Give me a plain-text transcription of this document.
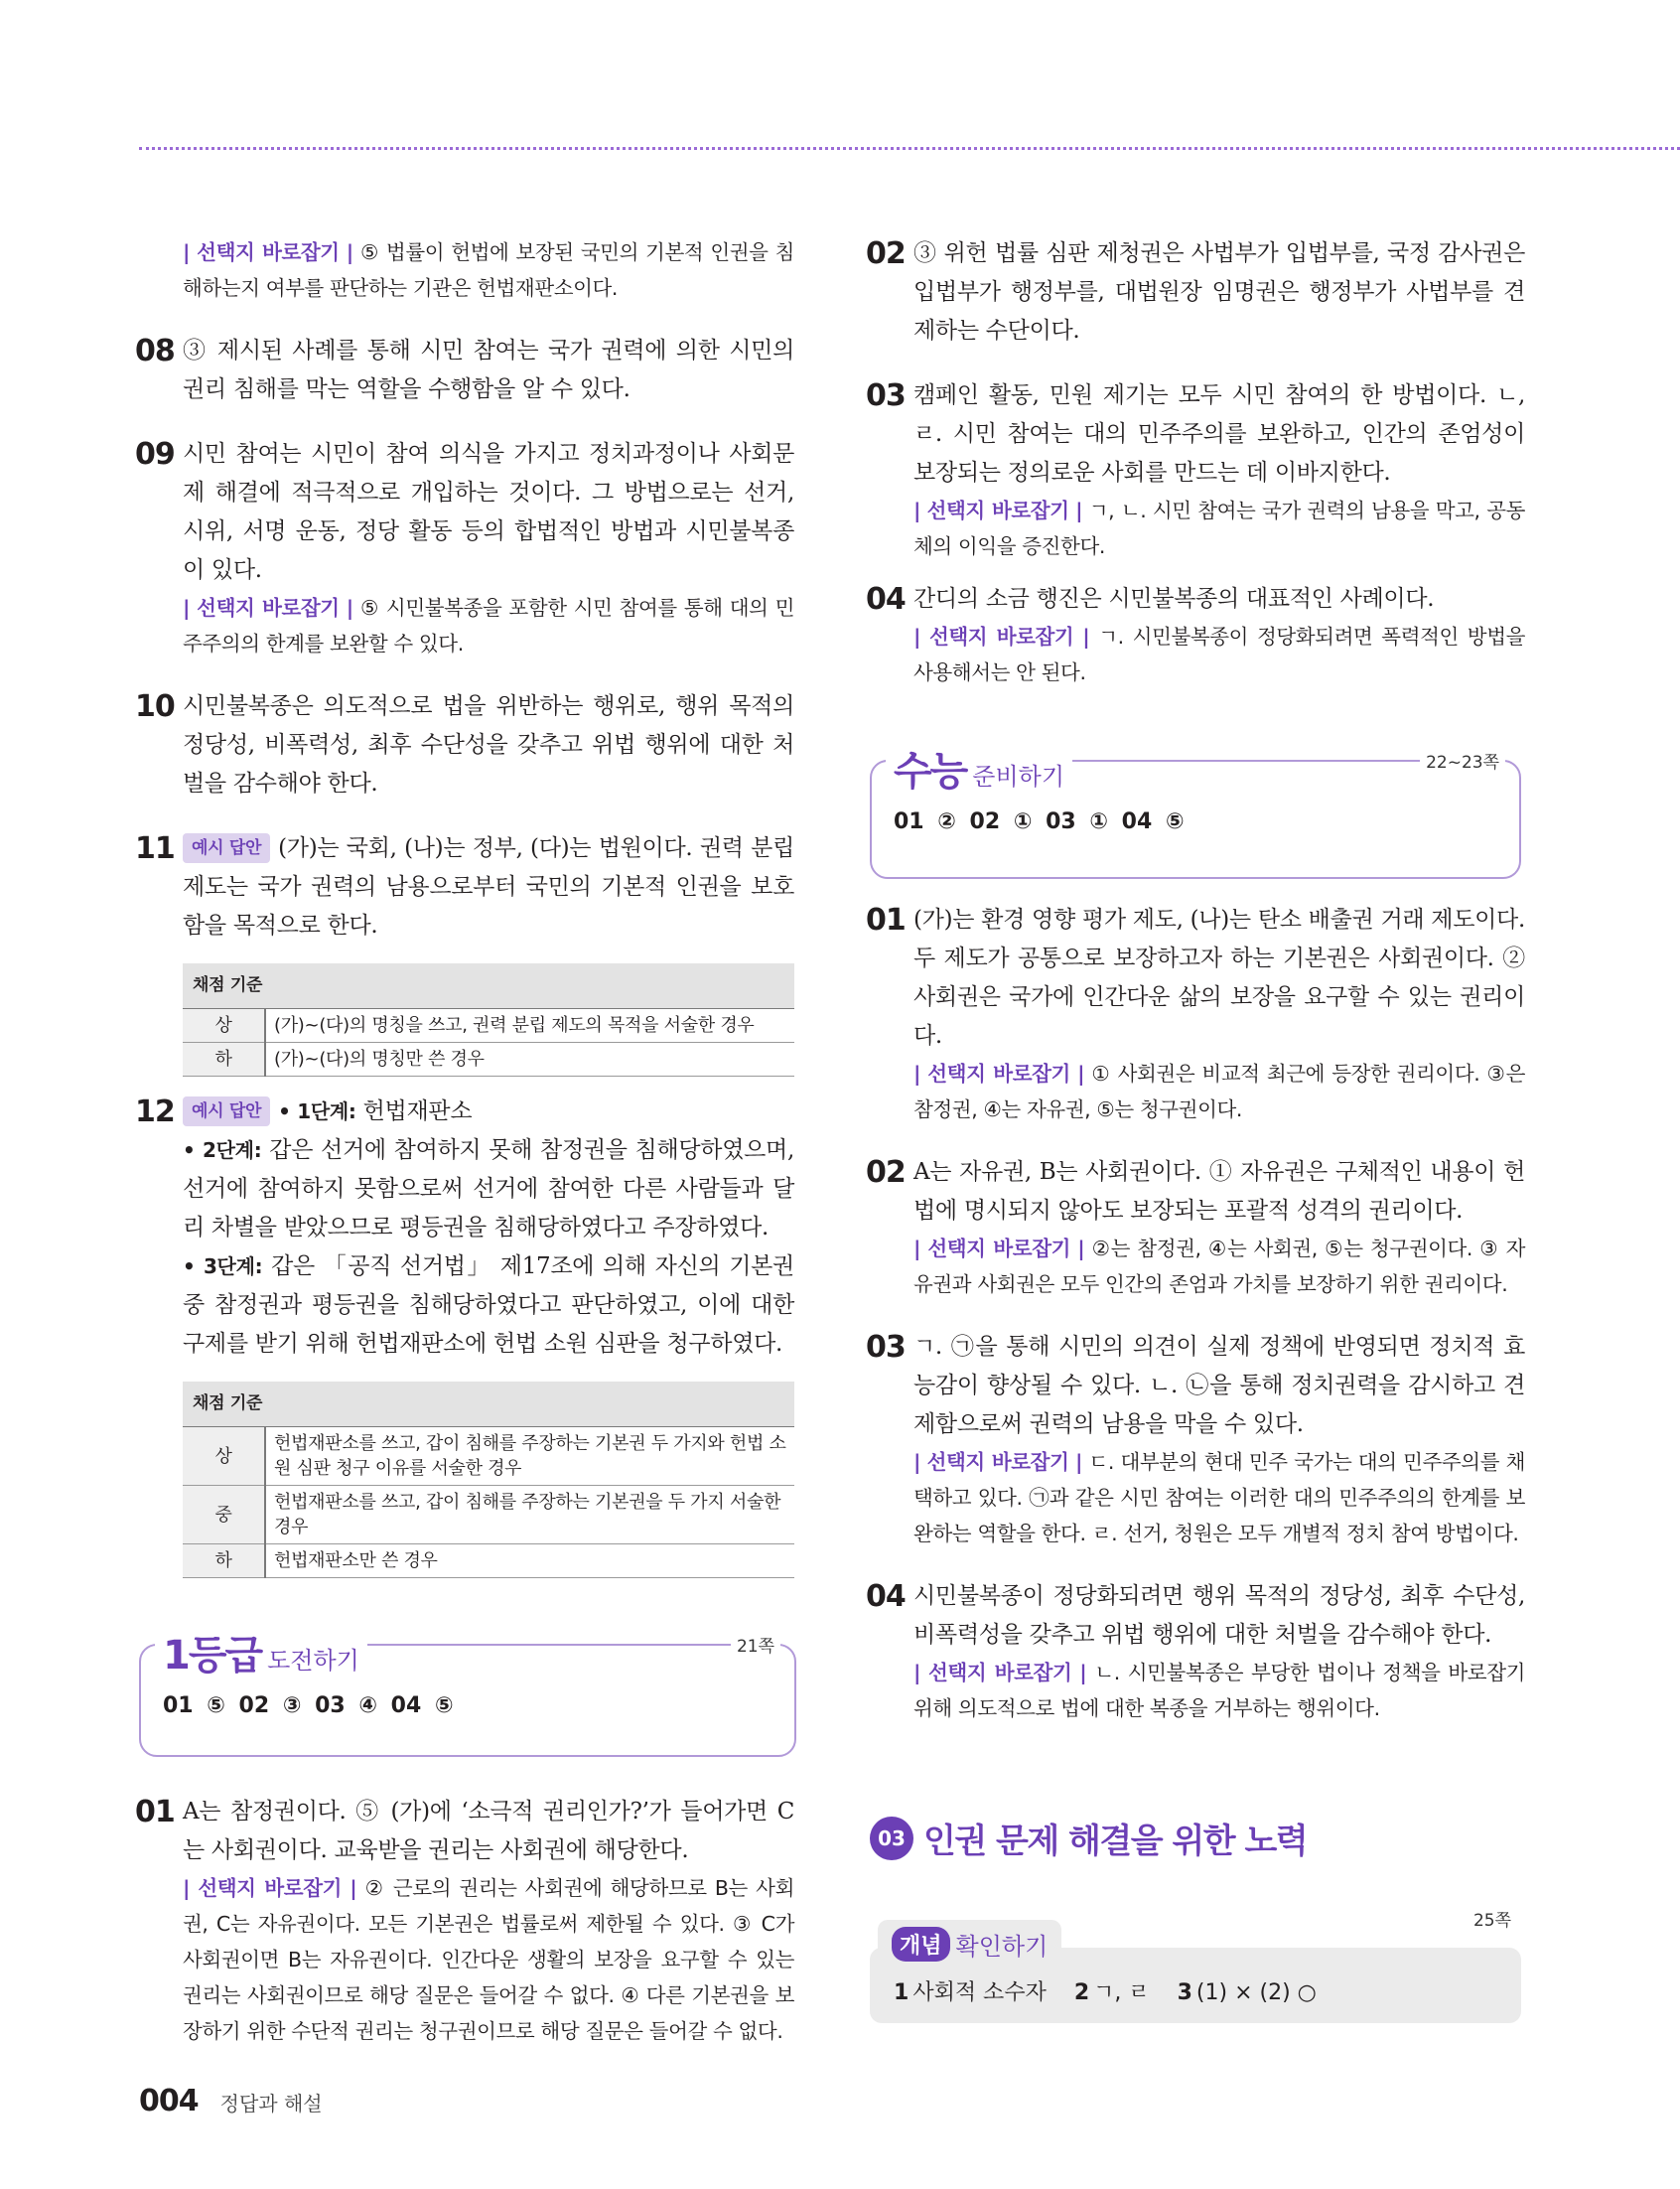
| 선택지 바로잡기 | ⑤ 법률이 헌법에 보장된 국민의 기본적 인권을 침해하는지 여부를 판단하는 기관은 헌법재판소이다.
08 ③ 제시된 사례를 통해 시민 참여는 국가 권력에 의한 시민의 권리 침해를 막는 역할을 수행함을 알 수 있다.
09 시민 참여는 시민이 참여 의식을 가지고 정치과정이나 사회문제 해결에 적극적으로 개입하는 것이다. 그 방법으로는 선거, 시위, 서명 운동, 정당 활동 등의 합법적인 방법과 시민불복종이 있다.
| 선택지 바로잡기 | ⑤ 시민불복종을 포함한 시민 참여를 통해 대의 민주주의의 한계를 보완할 수 있다.
10 시민불복종은 의도적으로 법을 위반하는 행위로, 행위 목적의 정당성, 비폭력성, 최후 수단성을 갖추고 위법 행위에 대한 처벌을 감수해야 한다.
11	예시 답안 (가)는 국회, (나)는 정부, (다)는 법원이다. 권력 분립 제도는 국가 권력의 남용으로부터 국민의 기본적 인권을 보호함을 목적으로 한다.
채점 기준	
상	(가)~(다)의 명칭을 쓰고, 권력 분립 제도의 목적을 서술한 경우
하	(가)~(다)의 명칭만 쓴 경우
12	예시 답안 • 1단계: 헌법재판소
• 2단계: 갑은 선거에 참여하지 못해 참정권을 침해당하였으며, 선거에 참여하지 못함으로써 선거에 참여한 다른 사람들과 달리 차별을 받았으므로 평등권을 침해당하였다고 주장하였다.
• 3단계: 갑은 「공직 선거법」 제17조에 의해 자신의 기본권 중 참정권과 평등권을 침해당하였다고 판단하였고, 이에 대한 구제를 받기 위해 헌법재판소에 헌법 소원 심판을 청구하였다.
채점 기준	
상	헌법재판소를 쓰고, 갑이 침해를 주장하는 기본권 두 가지와 헌법 소원 심판 청구 이유를 서술한 경우
중	헌법재판소를 쓰고, 갑이 침해를 주장하는 기본권을 두 가지 서술한 경우
하	헌법재판소만 쓴 경우
1등급 도전하기	21쪽
01 ⑤ 02 ③ 03 ④ 04 ⑤
01 A는 참정권이다. ⑤ (가)에 ‘소극적 권리인가?’가 들어가면 C는 사회권이다. 교육받을 권리는 사회권에 해당한다.
| 선택지 바로잡기 | ② 근로의 권리는 사회권에 해당하므로 B는 사회권, C는 자유권이다. 모든 기본권은 법률로써 제한될 수 있다. ③ C가 사회권이면 B는 자유권이다. 인간다운 생활의 보장을 요구할 수 있는 권리는 사회권이므로 해당 질문은 들어갈 수 없다. ④ 다른 기본권을 보장하기 위한 수단적 권리는 청구권이므로 해당 질문은 들어갈 수 없다.
02 ③ 위헌 법률 심판 제청권은 사법부가 입법부를, 국정 감사권은 입법부가 행정부를, 대법원장 임명권은 행정부가 사법부를 견제하는 수단이다.
03 캠페인 활동, 민원 제기는 모두 시민 참여의 한 방법이다. ㄴ, ㄹ. 시민 참여는 대의 민주주의를 보완하고, 인간의 존엄성이 보장되는 정의로운 사회를 만드는 데 이바지한다.
| 선택지 바로잡기 | ㄱ, ㄴ. 시민 참여는 국가 권력의 남용을 막고, 공동체의 이익을 증진한다.
04 간디의 소금 행진은 시민불복종의 대표적인 사례이다.
| 선택지 바로잡기 | ㄱ. 시민불복종이 정당화되려면 폭력적인 방법을 사용해서는 안 된다.
수능 준비하기	22~23쪽
01 ② 02 ① 03 ① 04 ⑤
01 (가)는 환경 영향 평가 제도, (나)는 탄소 배출권 거래 제도이다. 두 제도가 공통으로 보장하고자 하는 기본권은 사회권이다. ② 사회권은 국가에 인간다운 삶의 보장을 요구할 수 있는 권리이다.
| 선택지 바로잡기 | ① 사회권은 비교적 최근에 등장한 권리이다. ③은 참정권, ④는 자유권, ⑤는 청구권이다.
02 A는 자유권, B는 사회권이다. ① 자유권은 구체적인 내용이 헌법에 명시되지 않아도 보장되는 포괄적 성격의 권리이다.
| 선택지 바로잡기 | ②는 참정권, ④는 사회권, ⑤는 청구권이다. ③ 자유권과 사회권은 모두 인간의 존엄과 가치를 보장하기 위한 권리이다.
03 ㄱ. ㉠을 통해 시민의 의견이 실제 정책에 반영되면 정치적 효능감이 향상될 수 있다. ㄴ. ㉡을 통해 정치권력을 감시하고 견제함으로써 권력의 남용을 막을 수 있다.
| 선택지 바로잡기 | ㄷ. 대부분의 현대 민주 국가는 대의 민주주의를 채택하고 있다. ㉠과 같은 시민 참여는 이러한 대의 민주주의의 한계를 보완하는 역할을 한다. ㄹ. 선거, 청원은 모두 개별적 정치 참여 방법이다.
04 시민불복종이 정당화되려면 행위 목적의 정당성, 최후 수단성, 비폭력성을 갖추고 위법 행위에 대한 처벌을 감수해야 한다.
| 선택지 바로잡기 | ㄴ. 시민불복종은 부당한 법이나 정책을 바로잡기 위해 의도적으로 법에 대한 복종을 거부하는 행위이다.
03 인권 문제 해결을 위한 노력
개념 확인하기
25쪽
1 사회적 소수자 2 ㄱ, ㄹ 3 (1) × (2) ○
004 정답과 해설
